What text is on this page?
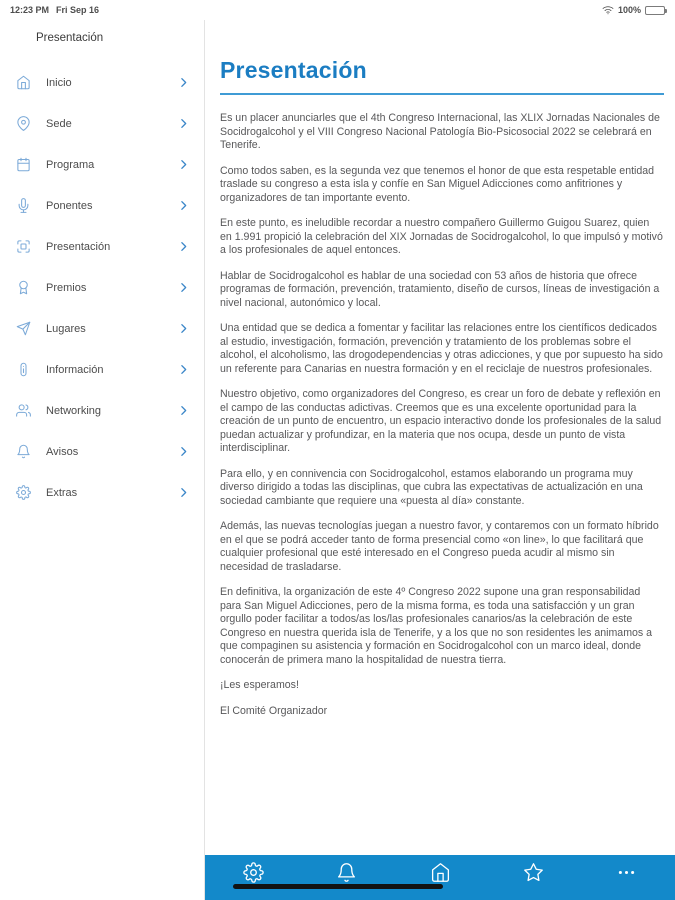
12:23 PM Fri Sep 16	100%
Presentación
Inicio
Sede
Programa
Ponentes
Presentación
Premios
Lugares
Información
Networking
Avisos
Extras
Presentación

Es un placer anunciarles que el 4th Congreso Internacional, las XLIX Jornadas Nacionales de Socidrogalcohol y el VIII Congreso Nacional Patología Bio-Psicosocial 2022 se celebrará en Tenerife.

Como todos saben, es la segunda vez que tenemos el honor de que esta respetable entidad traslade su congreso a esta isla y confíe en San Miguel Adicciones como anfitriones y organizadores de tan importante evento.

En este punto, es ineludible recordar a nuestro compañero Guillermo Guigou Suarez, quien en 1.991 propició la celebración del XIX Jornadas de Socidrogalcohol, lo que impulsó y motivó a los profesionales de aquel entonces.

Hablar de Socidrogalcohol es hablar de una sociedad con 53 años de historia que ofrece programas de formación, prevención, tratamiento, diseño de cursos, líneas de investigación a nivel nacional, autonómico y local.

Una entidad que se dedica a fomentar y facilitar las relaciones entre los científicos dedicados al estudio, investigación, formación, prevención y tratamiento de los problemas sobre el alcohol, el alcoholismo, las drogodependencias y otras adicciones, y que por supuesto ha sido un referente para Canarias en nuestra formación y en el reciclaje de nuestros profesionales.

Nuestro objetivo, como organizadores del Congreso, es crear un foro de debate y reflexión en el campo de las conductas adictivas. Creemos que es una excelente oportunidad para la creación de un punto de encuentro, un espacio interactivo donde los profesionales de la salud puedan actualizar y profundizar, en la materia que nos ocupa, desde un punto de vista interdisciplinar.

Para ello, y en connivencia con Socidrogalcohol, estamos elaborando un programa muy diverso dirigido a todas las disciplinas, que cubra las expectativas de actualización en una sociedad cambiante que requiere una «puesta al día» constante.

Además, las nuevas tecnologías juegan a nuestro favor, y contaremos con un formato híbrido en el que se podrá acceder tanto de forma presencial como «on line», lo que facilitará que cualquier profesional que esté interesado en el Congreso pueda acudir al mismo sin necesidad de trasladarse.

En definitiva, la organización de este 4º Congreso 2022 supone una gran responsabilidad para San Miguel Adicciones, pero de la misma forma, es toda una satisfacción y un gran orgullo poder facilitar a todos/as los/las profesionales canarios/as la celebración de este Congreso en nuestra querida isla de Tenerife, y a los que no son residentes les animamos a que compaginen su asistencia y formación en Socidrogalcohol con un marco ideal, donde conocerán de primera mano la hospitalidad de nuestra tierra.

¡Les esperamos!

El Comité Organizador
